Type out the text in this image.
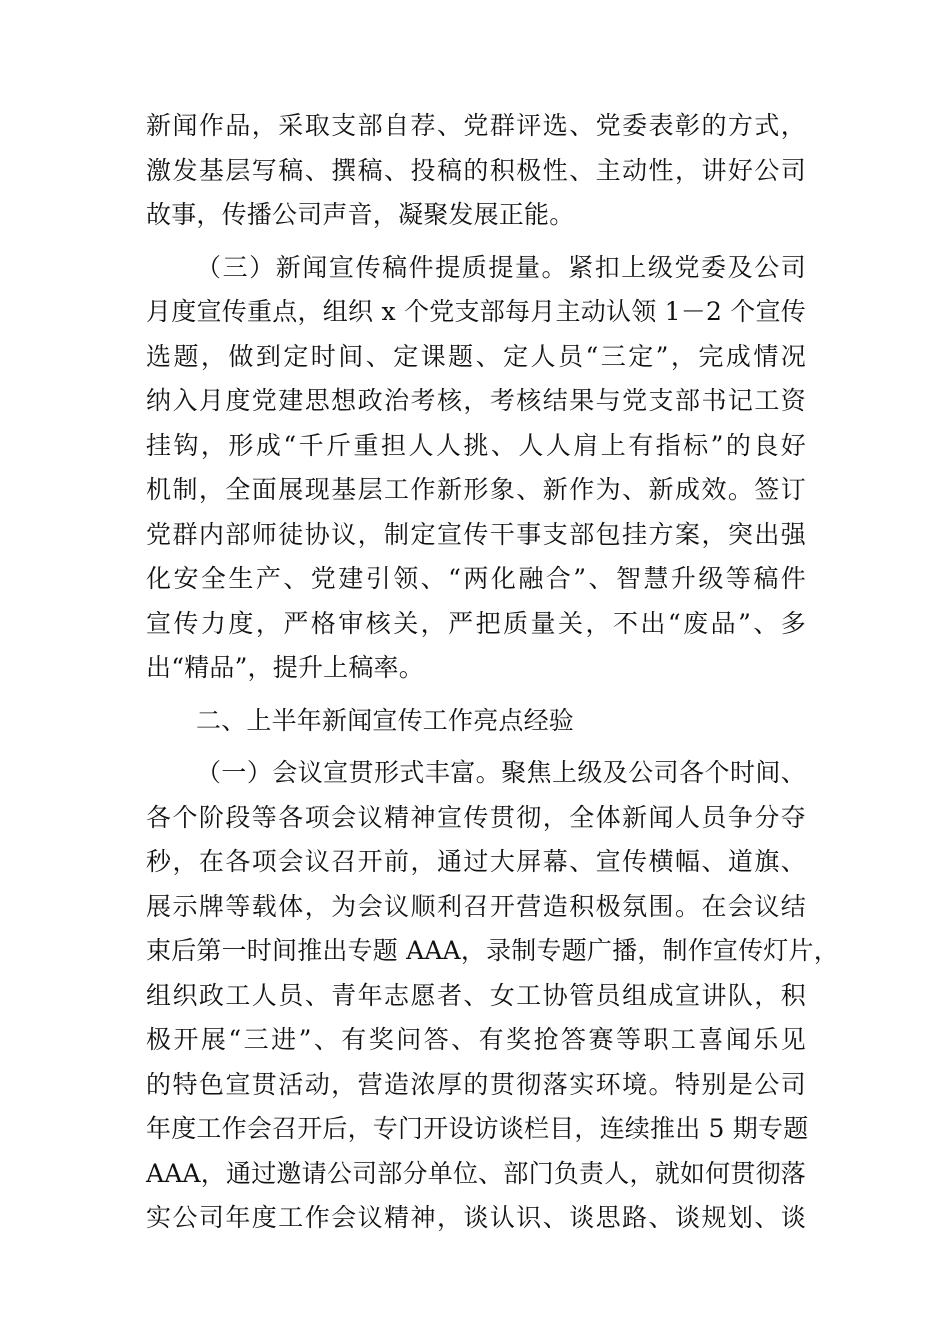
新闻作品，采取支部自荐、党群评选、党委表彰的方式，
激发基层写稿、撰稿、投稿的积极性、主动性，讲好公司
故事，传播公司声音，凝聚发展正能。
（三）新闻宣传稿件提质提量。紧扣上级党委及公司
月度宣传重点，组织 x 个党支部每月主动认领 1－2 个宣传
选题，做到定时间、定课题、定人员“三定”，完成情况
纳入月度党建思想政治考核，考核结果与党支部书记工资
挂钩，形成“千斤重担人人挑、人人肩上有指标”的良好
机制，全面展现基层工作新形象、新作为、新成效。签订
党群内部师徒协议，制定宣传干事支部包挂方案，突出强
化安全生产、党建引领、“两化融合”、智慧升级等稿件
宣传力度，严格审核关，严把质量关，不出“废品”、多
出“精品”，提升上稿率。
二、上半年新闻宣传工作亮点经验
（一）会议宣贯形式丰富。聚焦上级及公司各个时间、
各个阶段等各项会议精神宣传贯彻，全体新闻人员争分夺
秒，在各项会议召开前，通过大屏幕、宣传横幅、道旗、
展示牌等载体，为会议顺利召开营造积极氛围。在会议结
束后第一时间推出专题 AAA，录制专题广播，制作宣传灯片，
组织政工人员、青年志愿者、女工协管员组成宣讲队，积
极开展“三进”、有奖问答、有奖抢答赛等职工喜闻乐见
的特色宣贯活动，营造浓厚的贯彻落实环境。特别是公司
年度工作会召开后，专门开设访谈栏目，连续推出 5 期专题
AAA，通过邀请公司部分单位、部门负责人，就如何贯彻落
实公司年度工作会议精神，谈认识、谈思路、谈规划、谈
